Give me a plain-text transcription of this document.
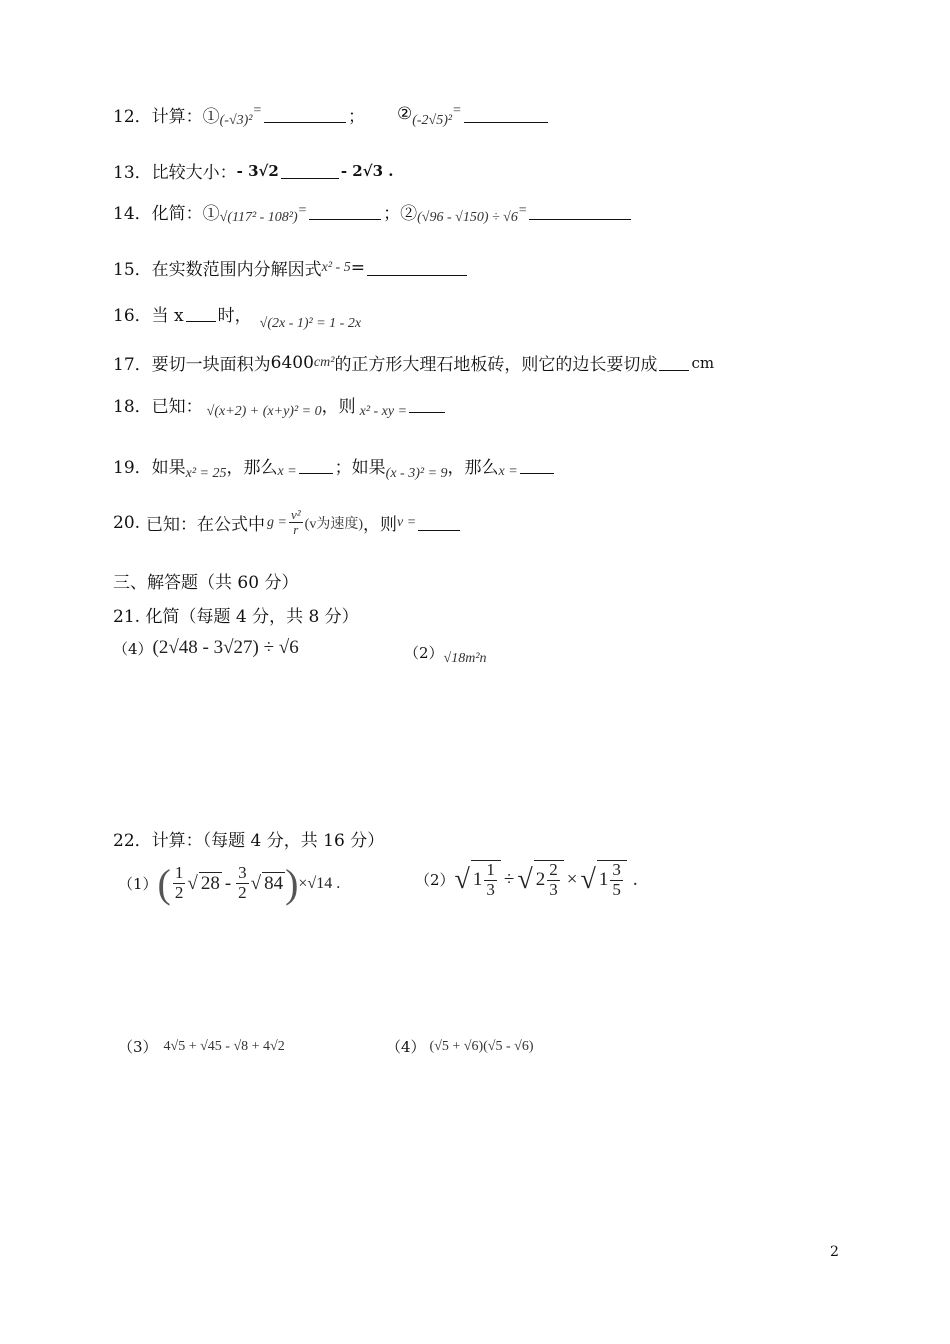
12． 计算：① (-√3)²
=	； ② (-2√5)²
=
13． 比较大小： - 3√2	- 2√3 .
14． 化简：① √(117² - 108²) =	；② (√96 - √150) ÷ √6 =
15． 在实数范围内分解因式 x² - 5 =
16． 当 x 时， √(2x - 1)² = 1 - 2x
17． 要切一块面积为 6400 cm² 的正方形大理石地板砖，则它的边长要切成 cm
18． 已知： √(x+2) + (x+y)² = 0 ，则 x² - xy =
19． 如果 x² = 25 ，那么 x = ；如果 (x - 3)² = 9 ，那么 x =
20. 已知：在公式中 $g = \frac{\text{v²}}{r} (v$为速度) ，则 v =
三、解答题（共 60 分）
21. 化简（每题 4 分，共 8 分）
（4） (2√48 - 3√27) ÷ √6	（2） √18m²n
22．计算：（每题 4 分，共 16 分）
（1） ( $\frac{1}{2}$ √ $28 - \frac{3}{2}$ √ 84 ) ×√14 .	（2） √ $1 \frac{1}{3}$ ÷ √ $2 \frac{2}{3}$ × √ $1 \frac{3}{5}$ .
（3） 4√5 + √45 - √8 + 4√2	（4） (√5 + √6)(√5 - √6)
2
